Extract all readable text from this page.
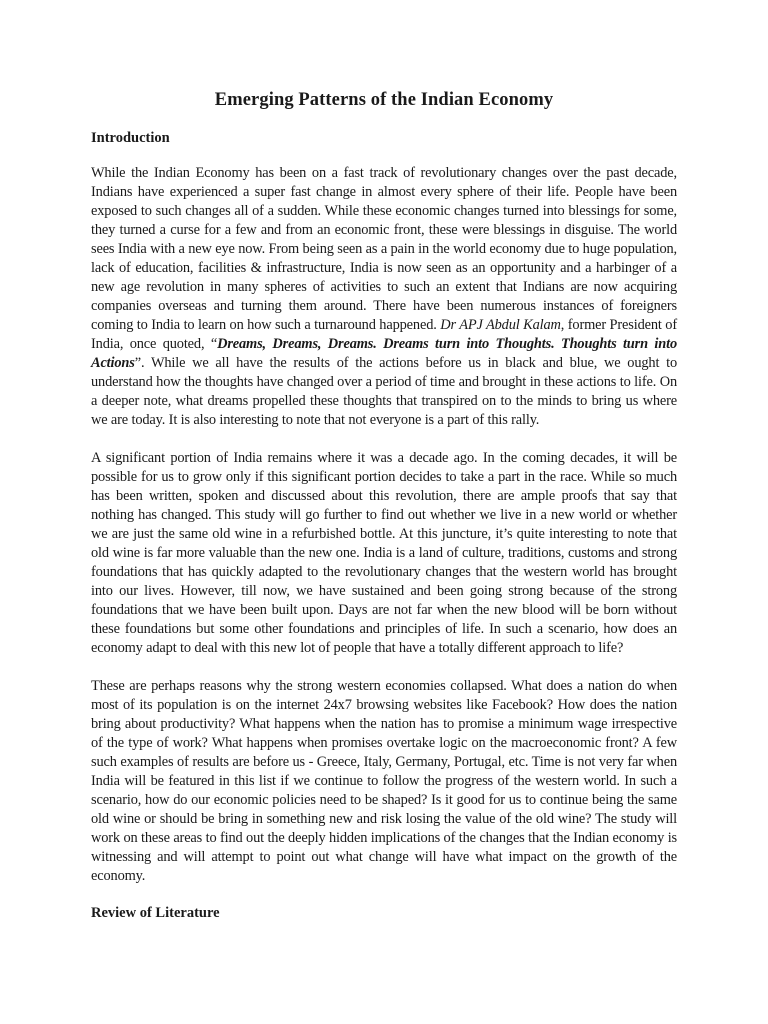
Emerging Patterns of the Indian Economy
Introduction

While the Indian Economy has been on a fast track of revolutionary changes over the past decade, Indians have experienced a super fast change in almost every sphere of their life. People have been exposed to such changes all of a sudden. While these economic changes turned into blessings for some, they turned a curse for a few and from an economic front, these were blessings in disguise. The world sees India with a new eye now. From being seen as a pain in the world economy due to huge population, lack of education, facilities & infrastructure, India is now seen as an opportunity and a harbinger of a new age revolution in many spheres of activities to such an extent that Indians are now acquiring companies overseas and turning them around. There have been numerous instances of foreigners coming to India to learn on how such a turnaround happened. Dr APJ Abdul Kalam, former President of India, once quoted, “Dreams, Dreams, Dreams. Dreams turn into Thoughts. Thoughts turn into Actions”. While we all have the results of the actions before us in black and blue, we ought to understand how the thoughts have changed over a period of time and brought in these actions to life. On a deeper note, what dreams propelled these thoughts that transpired on to the minds to bring us where we are today. It is also interesting to note that not everyone is a part of this rally.

A significant portion of India remains where it was a decade ago. In the coming decades, it will be possible for us to grow only if this significant portion decides to take a part in the race. While so much has been written, spoken and discussed about this revolution, there are ample proofs that say that nothing has changed. This study will go further to find out whether we live in a new world or whether we are just the same old wine in a refurbished bottle. At this juncture, it’s quite interesting to note that old wine is far more valuable than the new one. India is a land of culture, traditions, customs and strong foundations that has quickly adapted to the revolutionary changes that the western world has brought into our lives. However, till now, we have sustained and been going strong because of the strong foundations that we have been built upon. Days are not far when the new blood will be born without these foundations but some other foundations and principles of life. In such a scenario, how does an economy adapt to deal with this new lot of people that have a totally different approach to life?

These are perhaps reasons why the strong western economies collapsed. What does a nation do when most of its population is on the internet 24x7 browsing websites like Facebook? How does the nation bring about productivity? What happens when the nation has to promise a minimum wage irrespective of the type of work? What happens when promises overtake logic on the macroeconomic front? A few such examples of results are before us - Greece, Italy, Germany, Portugal, etc. Time is not very far when India will be featured in this list if we continue to follow the progress of the western world. In such a scenario, how do our economic policies need to be shaped? Is it good for us to continue being the same old wine or should be bring in something new and risk losing the value of the old wine? The study will work on these areas to find out the deeply hidden implications of the changes that the Indian economy is witnessing and will attempt to point out what change will have what impact on the growth of the economy.

Review of Literature
